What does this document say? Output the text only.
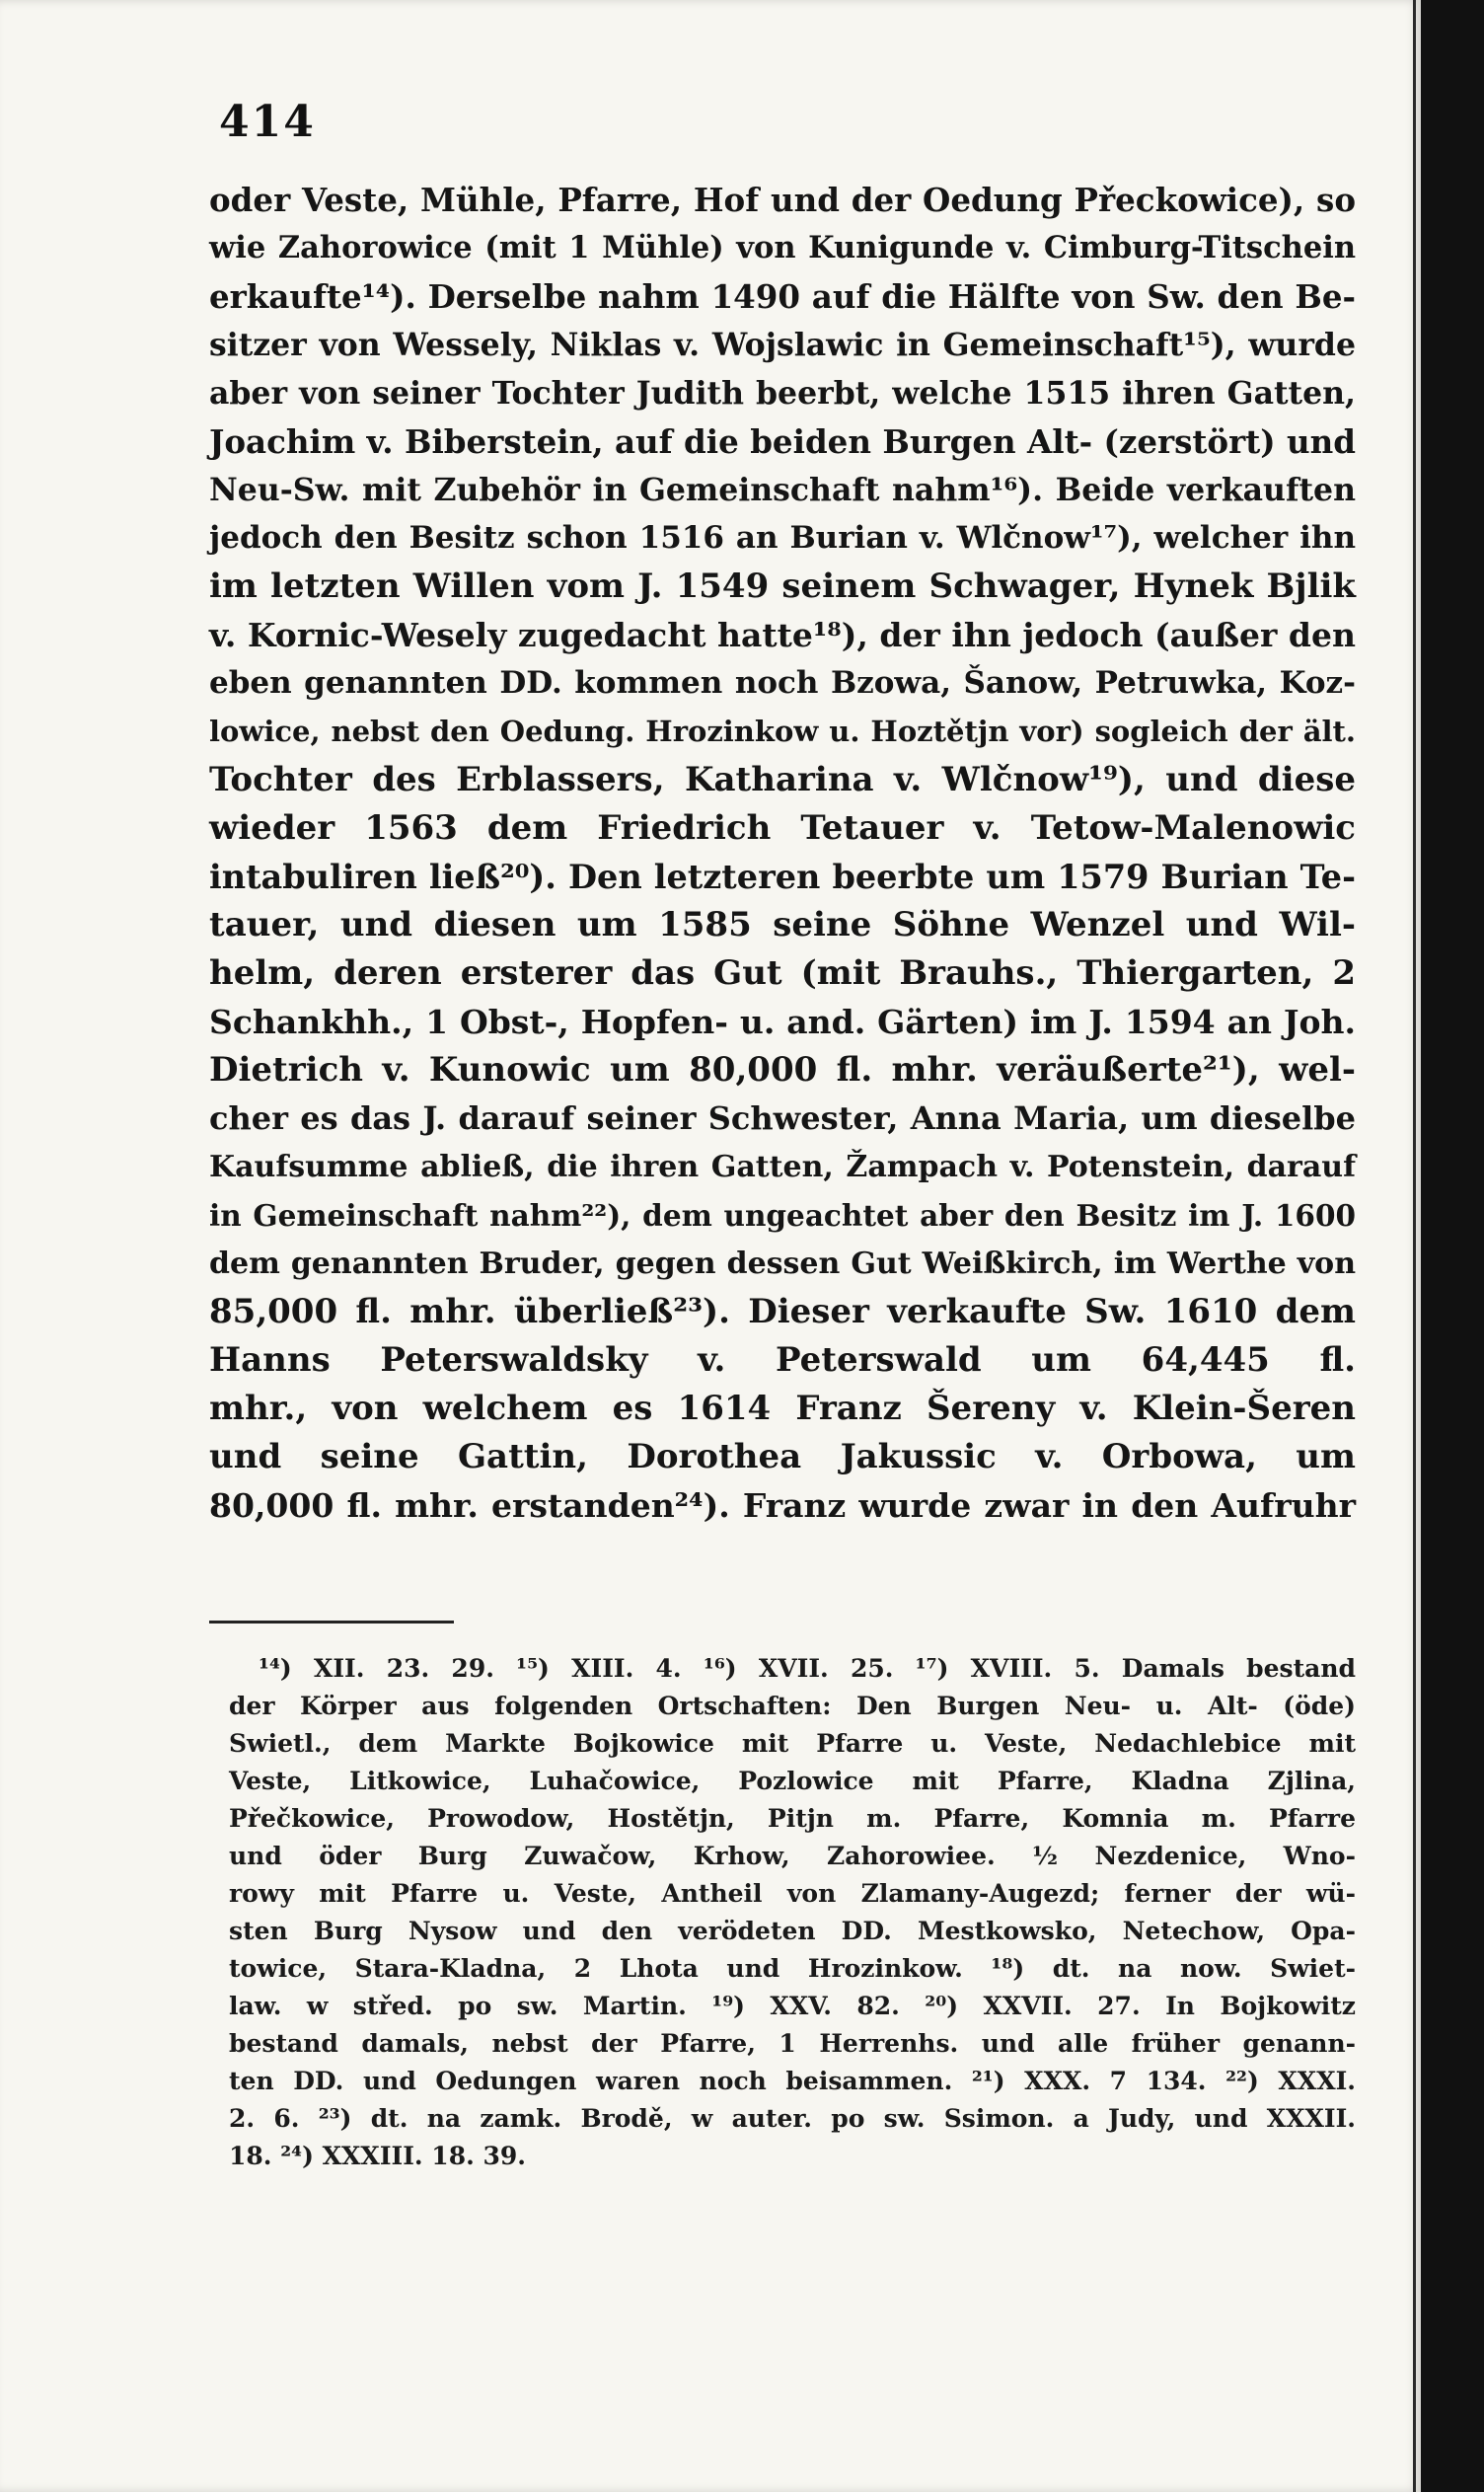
414
oder Veste, Mühle, Pfarre, Hof und der Oedung Přeckowice), so
wie Zahorowice (mit 1 Mühle) von Kunigunde v. Cimburg-Titschein
erkaufte¹⁴). Derselbe nahm 1490 auf die Hälfte von Sw. den Be-
sitzer von Wessely, Niklas v. Wojslawic in Gemeinschaft¹⁵), wurde
aber von seiner Tochter Judith beerbt, welche 1515 ihren Gatten,
Joachim v. Biberstein, auf die beiden Burgen Alt- (zerstört) und
Neu-Sw. mit Zubehör in Gemeinschaft nahm¹⁶). Beide verkauften
jedoch den Besitz schon 1516 an Burian v. Wlčnow¹⁷), welcher ihn
im letzten Willen vom J. 1549 seinem Schwager, Hynek Bjlik
v. Kornic-Wesely zugedacht hatte¹⁸), der ihn jedoch (außer den
eben genannten DD. kommen noch Bzowa, Šanow, Petruwka, Koz-
lowice, nebst den Oedung. Hrozinkow u. Hoztětjn vor) sogleich der ält.
Tochter des Erblassers, Katharina v. Wlčnow¹⁹), und diese
wieder 1563 dem Friedrich Tetauer v. Tetow-Malenowic
intabuliren ließ²⁰). Den letzteren beerbte um 1579 Burian Te-
tauer, und diesen um 1585 seine Söhne Wenzel und Wil-
helm, deren ersterer das Gut (mit Brauhs., Thiergarten, 2
Schankhh., 1 Obst-, Hopfen- u. and. Gärten) im J. 1594 an Joh.
Dietrich v. Kunowic um 80,000 fl. mhr. veräußerte²¹), wel-
cher es das J. darauf seiner Schwester, Anna Maria, um dieselbe
Kaufsumme abließ, die ihren Gatten, Žampach v. Potenstein, darauf
in Gemeinschaft nahm²²), dem ungeachtet aber den Besitz im J. 1600
dem genannten Bruder, gegen dessen Gut Weißkirch, im Werthe von
85,000 fl. mhr. überließ²³). Dieser verkaufte Sw. 1610 dem
Hanns Peterswaldsky v. Peterswald um 64,445 fl.
mhr., von welchem es 1614 Franz Šereny v. Klein-Šeren
und seine Gattin, Dorothea Jakussic v. Orbowa, um
80,000 fl. mhr. erstanden²⁴). Franz wurde zwar in den Aufruhr
¹⁴) XII. 23. 29. ¹⁵) XIII. 4. ¹⁶) XVII. 25. ¹⁷) XVIII. 5. Damals bestand
der Körper aus folgenden Ortschaften: Den Burgen Neu- u. Alt- (öde)
Swietl., dem Markte Bojkowice mit Pfarre u. Veste, Nedachlebice mit
Veste, Litkowice, Luhačowice, Pozlowice mit Pfarre, Kladna Zjlina,
Přečkowice, Prowodow, Hostětjn, Pitjn m. Pfarre, Komnia m. Pfarre
und öder Burg Zuwačow, Krhow, Zahorowiee. ½ Nezdenice, Wno-
rowy mit Pfarre u. Veste, Antheil von Zlamany-Augezd; ferner der wü-
sten Burg Nysow und den verödeten DD. Mestkowsko, Netechow, Opa-
towice, Stara-Kladna, 2 Lhota und Hrozinkow. ¹⁸) dt. na now. Swiet-
law. w střed. po sw. Martin. ¹⁹) XXV. 82. ²⁰) XXVII. 27. In Bojkowitz
bestand damals, nebst der Pfarre, 1 Herrenhs. und alle früher genann-
ten DD. und Oedungen waren noch beisammen. ²¹) XXX. 7 134. ²²) XXXI.
2. 6. ²³) dt. na zamk. Brodě, w auter. po sw. Ssimon. a Judy, und XXXII.
18. ²⁴) XXXIII. 18. 39.
